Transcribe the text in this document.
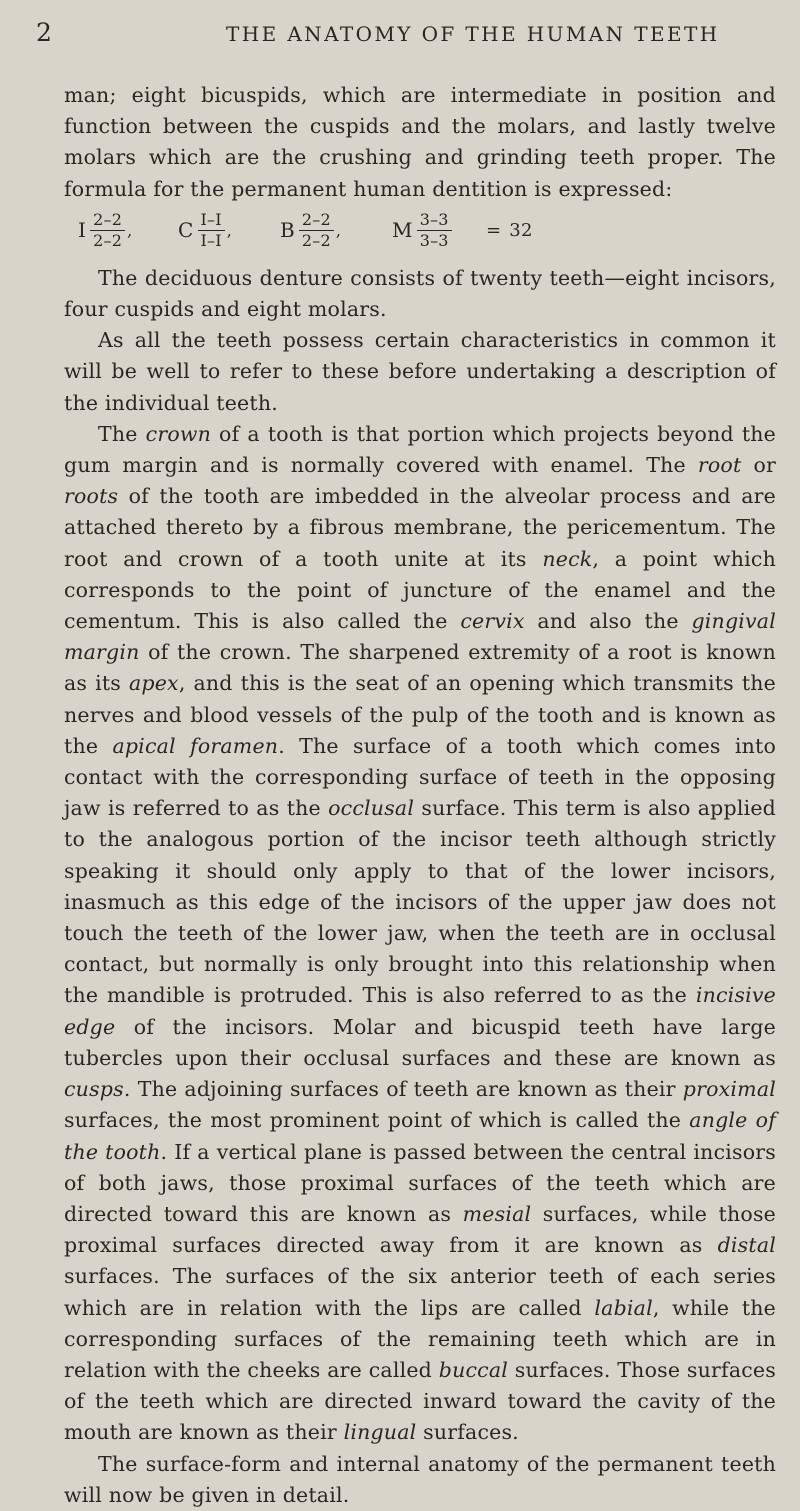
2	THE ANATOMY OF THE HUMAN TEETH

man; eight bicuspids, which are intermediate in position and function between the cuspids and the molars, and lastly twelve molars which are the crushing and grinding teeth proper. The formula for the permanent human dentition is expressed:

I $\frac{2-2}{2-2}$ , C $\frac{I-I}{I-I}$ , B $\frac{2-2}{2-2}$ ,	M $\frac{3-3}{3-3} = 32$

The deciduous denture consists of twenty teeth—eight incisors, four cuspids and eight molars.

As all the teeth possess certain characteristics in common it will be well to refer to these before undertaking a description of the individual teeth.

The crown of a tooth is that portion which projects beyond the gum margin and is normally covered with enamel. The root or roots of the tooth are imbedded in the alveolar process and are attached thereto by a fibrous membrane, the pericementum. The root and crown of a tooth unite at its neck, a point which corresponds to the point of juncture of the enamel and the cementum. This is also called the cervix and also the gingival margin of the crown. The sharpened extremity of a root is known as its apex, and this is the seat of an opening which transmits the nerves and blood vessels of the pulp of the tooth and is known as the apical foramen. The surface of a tooth which comes into contact with the corresponding surface of teeth in the opposing jaw is referred to as the occlusal surface. This term is also applied to the analogous portion of the incisor teeth although strictly speaking it should only apply to that of the lower incisors, inasmuch as this edge of the incisors of the upper jaw does not touch the teeth of the lower jaw, when the teeth are in occlusal contact, but normally is only brought into this relationship when the mandible is protruded. This is also referred to as the incisive edge of the incisors. Molar and bicuspid teeth have large tubercles upon their occlusal surfaces and these are known as cusps. The adjoining surfaces of teeth are known as their proximal surfaces, the most prominent point of which is called the angle of the tooth. If a vertical plane is passed between the central incisors of both jaws, those proximal surfaces of the teeth which are directed toward this are known as mesial surfaces, while those proximal surfaces directed away from it are known as distal surfaces. The surfaces of the six anterior teeth of each series which are in relation with the lips are called labial, while the corresponding surfaces of the remaining teeth which are in relation with the cheeks are called buccal surfaces. Those surfaces of the teeth which are directed inward toward the cavity of the mouth are known as their lingual surfaces.

The surface-form and internal anatomy of the permanent teeth will now be given in detail.
